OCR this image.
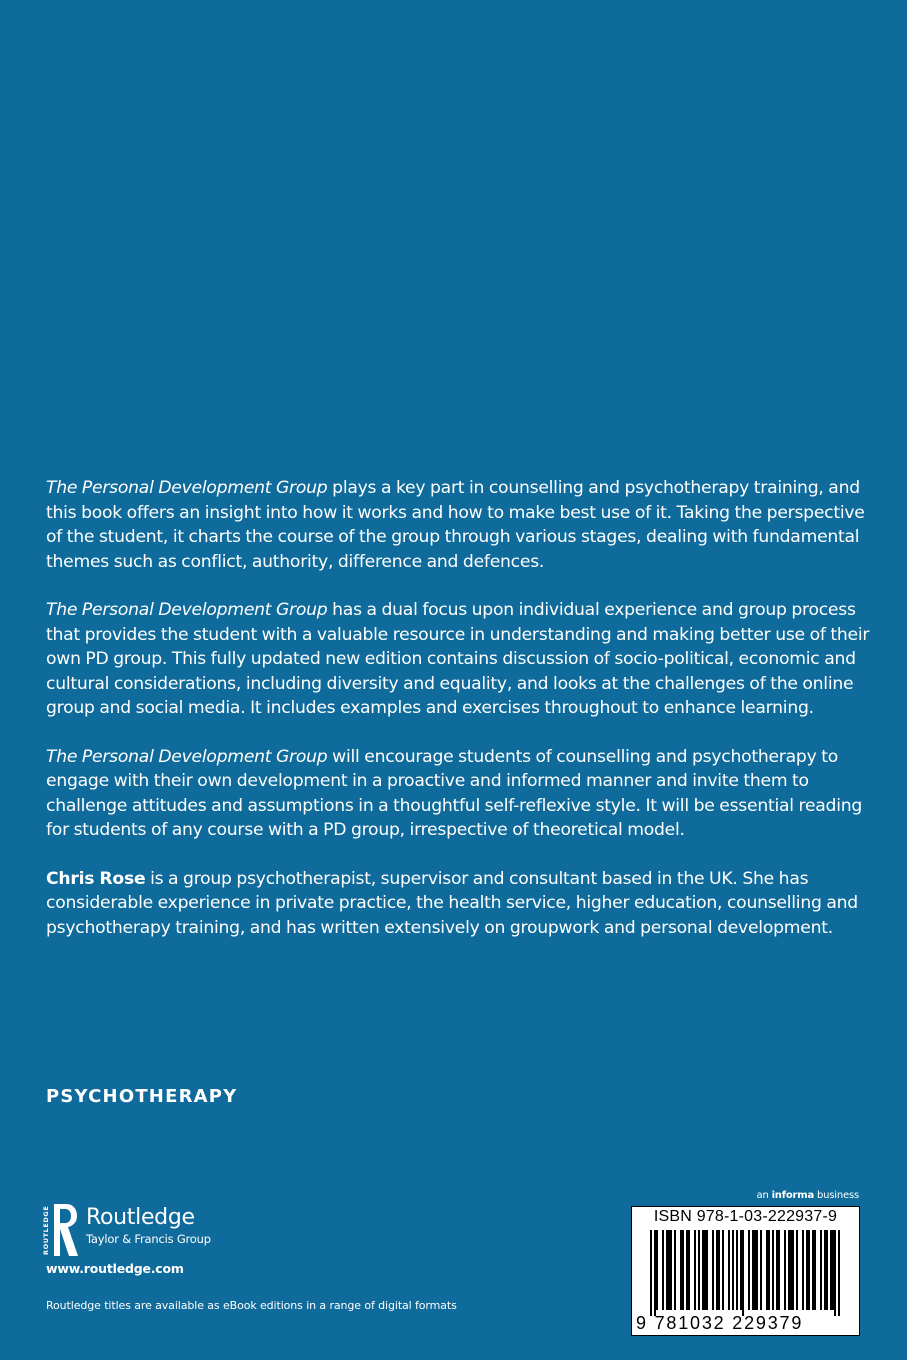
The Personal Development Group plays a key part in counselling and psychotherapy training, and this book offers an insight into how it works and how to make best use of it. Taking the perspective of the student, it charts the course of the group through various stages, dealing with fundamental themes such as conflict, authority, difference and defences.

The Personal Development Group has a dual focus upon individual experience and group process that provides the student with a valuable resource in understanding and making better use of their own PD group. This fully updated new edition contains discussion of socio-political, economic and cultural considerations, including diversity and equality, and looks at the challenges of the online group and social media. It includes examples and exercises throughout to enhance learning.

The Personal Development Group will encourage students of counselling and psychotherapy to engage with their own development in a proactive and informed manner and invite them to challenge attitudes and assumptions in a thoughtful self-reflexive style. It will be essential reading for students of any course with a PD group, irrespective of theoretical model.

Chris Rose is a group psychotherapist, supervisor and consultant based in the UK. She has considerable experience in private practice, the health service, higher education, counselling and psychotherapy training, and has written extensively on groupwork and personal development.

PSYCHOTHERAPY
ROUTLEDGE Routledge
Taylor & Francis Group
www.routledge.com
Routledge titles are available as eBook editions in a range of digital formats
an informa business
ISBN 978-1-03-222937-9
9 781032 229379
